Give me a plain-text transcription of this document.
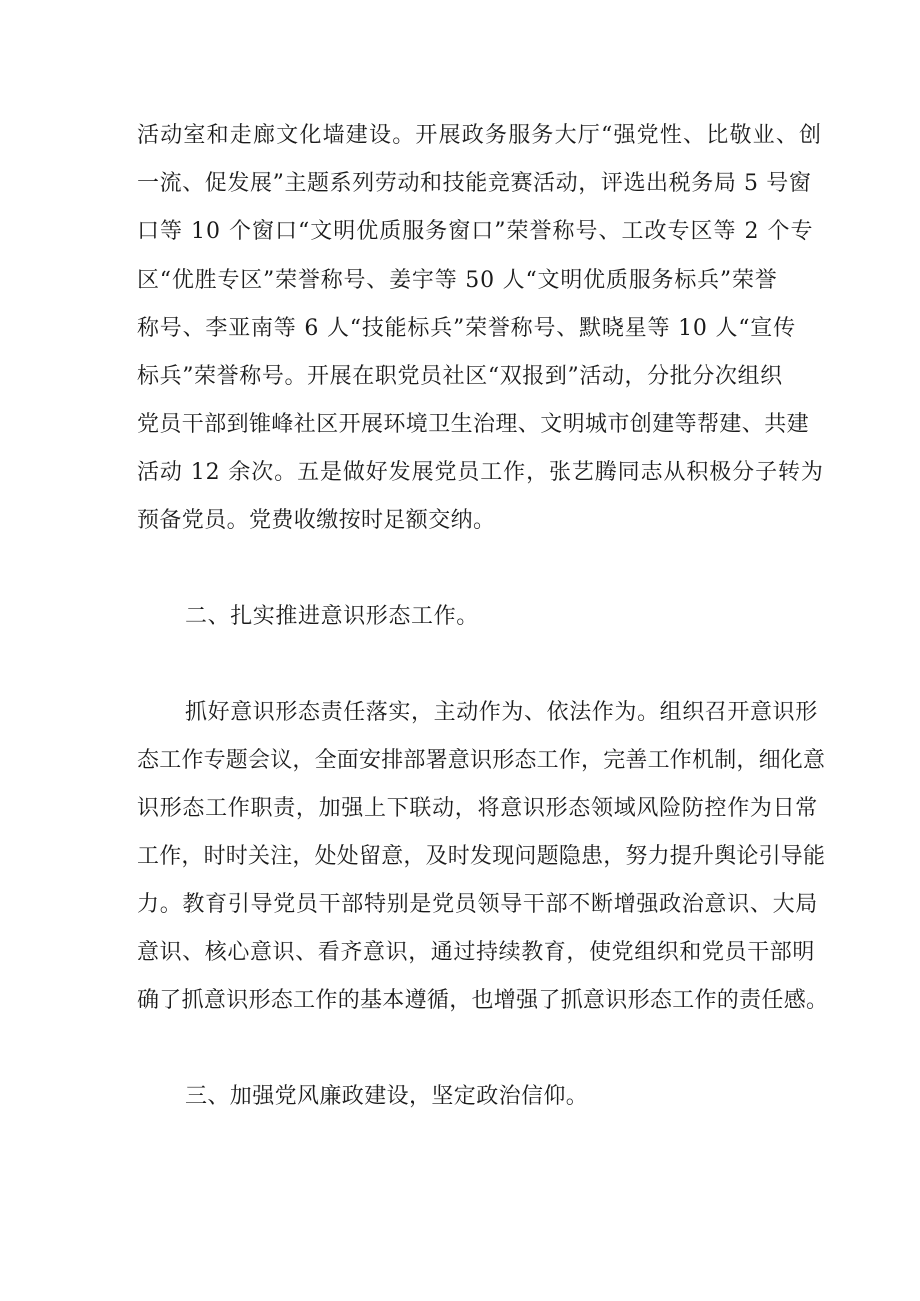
活动室和走廊文化墙建设。开展政务服务大厅“强党性、比敬业、创
一流、促发展”主题系列劳动和技能竞赛活动，评选出税务局 5 号窗
口等 10 个窗口“文明优质服务窗口”荣誉称号、工改专区等 2 个专
区“优胜专区”荣誉称号、姜宇等 50 人“文明优质服务标兵”荣誉
称号、李亚南等 6 人“技能标兵”荣誉称号、默晓星等 10 人“宣传
标兵”荣誉称号。开展在职党员社区“双报到”活动，分批分次组织
党员干部到锥峰社区开展环境卫生治理、文明城市创建等帮建、共建
活动 12 余次。五是做好发展党员工作，张艺腾同志从积极分子转为
预备党员。党费收缴按时足额交纳。
二、扎实推进意识形态工作。
抓好意识形态责任落实，主动作为、依法作为。组织召开意识形
态工作专题会议，全面安排部署意识形态工作，完善工作机制，细化意
识形态工作职责，加强上下联动，将意识形态领域风险防控作为日常
工作，时时关注，处处留意，及时发现问题隐患，努力提升舆论引导能
力。教育引导党员干部特别是党员领导干部不断增强政治意识、大局
意识、核心意识、看齐意识，通过持续教育，使党组织和党员干部明
确了抓意识形态工作的基本遵循，也增强了抓意识形态工作的责任感。
三、加强党风廉政建设，坚定政治信仰。
